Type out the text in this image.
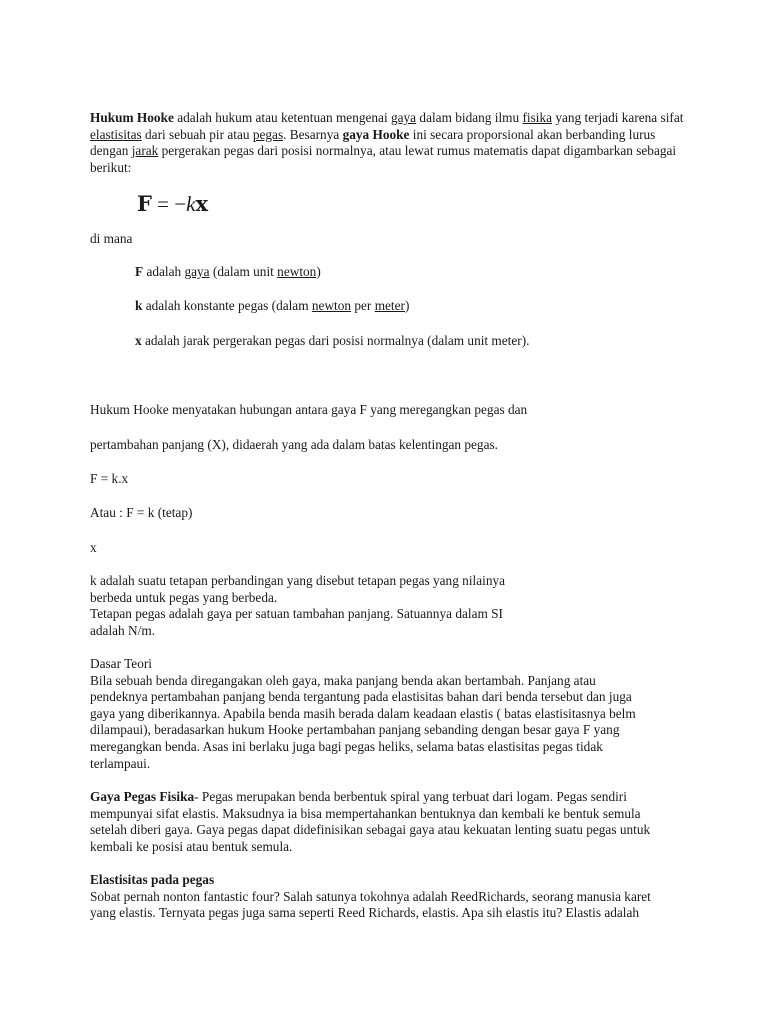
Hukum Hooke adalah hukum atau ketentuan mengenai gaya dalam bidang ilmu fisika yang terjadi karena sifat elastisitas dari sebuah pir atau pegas. Besarnya gaya Hooke ini secara proporsional akan berbanding lurus dengan jarak pergerakan pegas dari posisi normalnya, atau lewat rumus matematis dapat digambarkan sebagai berikut:

F = −kx

di mana

F adalah gaya (dalam unit newton)

k adalah konstante pegas (dalam newton per meter)

x adalah jarak pergerakan pegas dari posisi normalnya (dalam unit meter).

Hukum Hooke menyatakan hubungan antara gaya F yang meregangkan pegas dan

pertambahan panjang (X), didaerah yang ada dalam batas kelentingan pegas.

F = k.x

Atau : F = k (tetap)

x

k adalah suatu tetapan perbandingan yang disebut tetapan pegas yang nilainya
berbeda untuk pegas yang berbeda.
Tetapan pegas adalah gaya per satuan tambahan panjang. Satuannya dalam SI
adalah N/m.

Dasar Teori
Bila sebuah benda diregangakan oleh gaya, maka panjang benda akan bertambah. Panjang atau
pendeknya pertambahan panjang benda tergantung pada elastisitas bahan dari benda tersebut dan juga
gaya yang diberikannya. Apabila benda masih berada dalam keadaan elastis ( batas elastisitasnya belm
dilampaui), beradasarkan hukum Hooke pertambahan panjang sebanding dengan besar gaya F yang
meregangkan benda. Asas ini berlaku juga bagi pegas heliks, selama batas elastisitas pegas tidak
terlampaui.

Gaya Pegas Fisika- Pegas merupakan benda berbentuk spiral yang terbuat dari logam. Pegas sendiri
mempunyai sifat elastis. Maksudnya ia bisa mempertahankan bentuknya dan kembali ke bentuk semula
setelah diberi gaya. Gaya pegas dapat didefinisikan sebagai gaya atau kekuatan lenting suatu pegas untuk
kembali ke posisi atau bentuk semula.

Elastisitas pada pegas
Sobat pernah nonton fantastic four? Salah satunya tokohnya adalah ReedRichards, seorang manusia karet
yang elastis. Ternyata pegas juga sama seperti Reed Richards, elastis. Apa sih elastis itu? Elastis adalah
